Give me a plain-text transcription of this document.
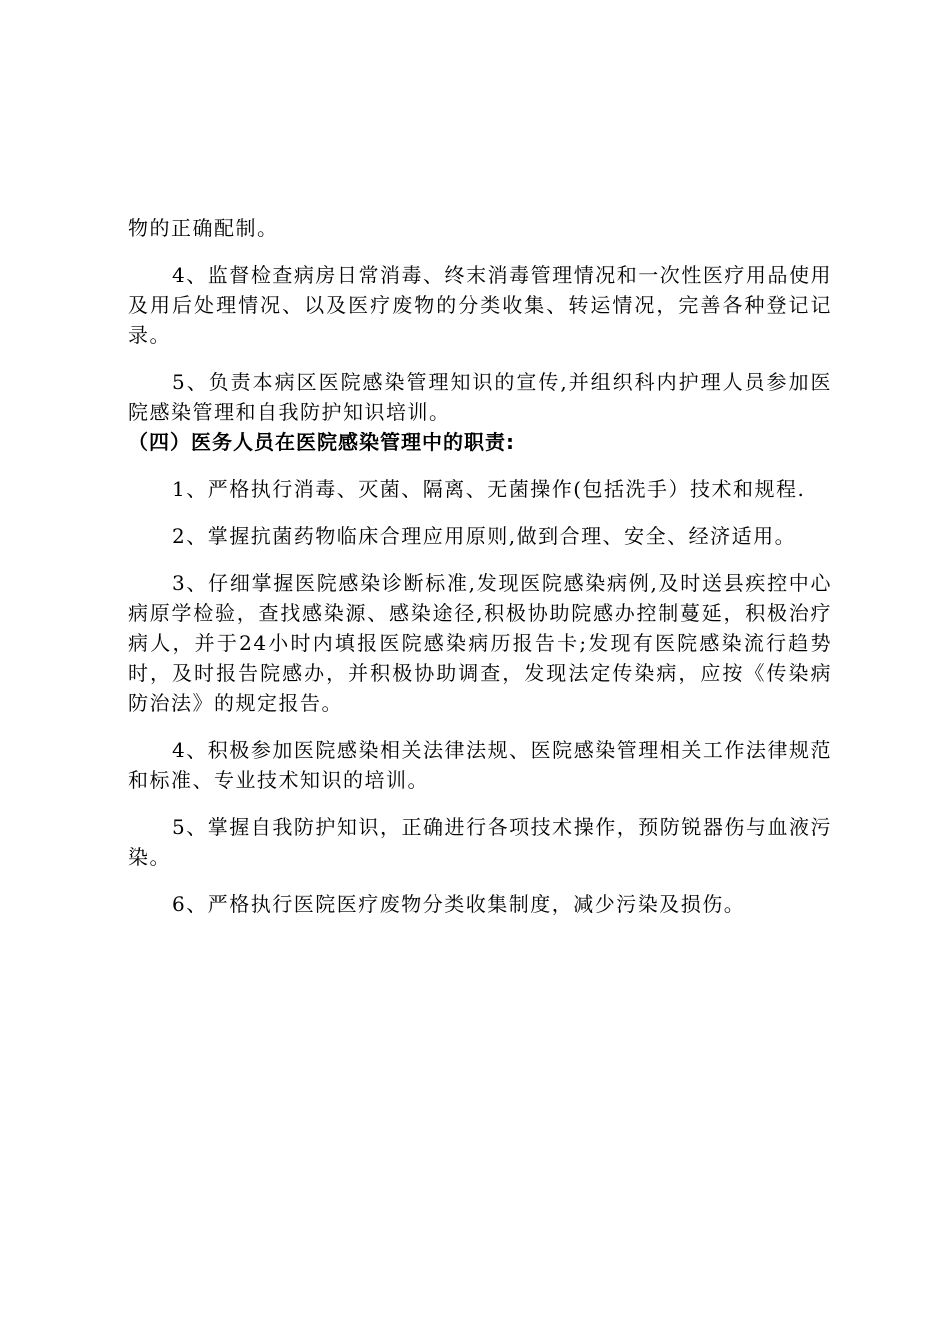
物的正确配制。

4、监督检查病房日常消毒、终末消毒管理情况和一次性医疗用品使用及用后处理情况、以及医疗废物的分类收集、转运情况，完善各种登记记录。

5、负责本病区医院感染管理知识的宣传,并组织科内护理人员参加医院感染管理和自我防护知识培训。

（四）医务人员在医院感染管理中的职责:

1、严格执行消毒、灭菌、隔离、无菌操作(包括洗手）技术和规程.

2、掌握抗菌药物临床合理应用原则,做到合理、安全、经济适用。

3、仔细掌握医院感染诊断标准,发现医院感染病例,及时送县疾控中心病原学检验，查找感染源、感染途径,积极协助院感办控制蔓延，积极治疗病人，并于24小时内填报医院感染病历报告卡;发现有医院感染流行趋势时，及时报告院感办，并积极协助调查，发现法定传染病，应按《传染病防治法》的规定报告。

4、积极参加医院感染相关法律法规、医院感染管理相关工作法律规范和标准、专业技术知识的培训。

5、掌握自我防护知识，正确进行各项技术操作，预防锐器伤与血液污染。

6、严格执行医院医疗废物分类收集制度，减少污染及损伤。
